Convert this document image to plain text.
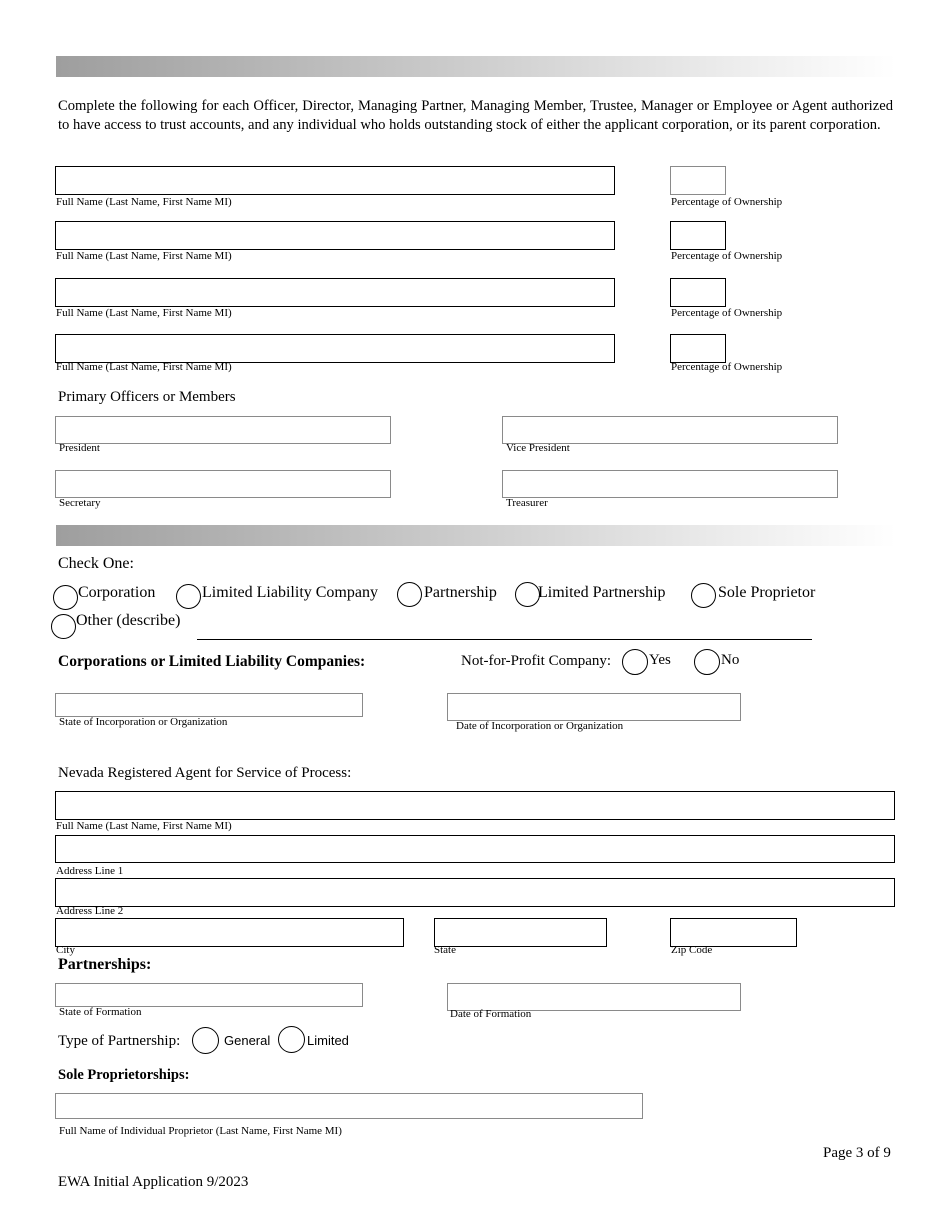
Complete the following for each Officer, Director, Managing Partner, Managing Member, Trustee, Manager or Employee or Agent authorized to have access to trust accounts, and any individual who holds outstanding stock of either the applicant corporation, or its parent corporation.
Full Name (Last Name, First Name MI)	Percentage of Ownership
Full Name (Last Name, First Name MI)	Percentage of Ownership
Full Name (Last Name, First Name MI)	Percentage of Ownership
Full Name (Last Name, First Name MI)	Percentage of Ownership
Primary Officers or Members
President	Vice President
Secretary	Treasurer
Check One:
Corporation	Limited Liability Company	Partnership	Limited Partnership	Sole Proprietor
Other (describe)
Corporations or Limited Liability Companies:	Not-for-Profit Company:	Yes	No
State of Incorporation or Organization	Date of Incorporation or Organization
Nevada Registered Agent for Service of Process:
Full Name (Last Name, First Name MI)
Address Line 1
Address Line 2
City	State	Zip Code
Partnerships:
State of Formation	Date of Formation
Type of Partnership:	General	Limited
Sole Proprietorships:
Full Name of Individual Proprietor (Last Name, First Name MI)
Page 3 of 9
EWA Initial Application 9/2023
